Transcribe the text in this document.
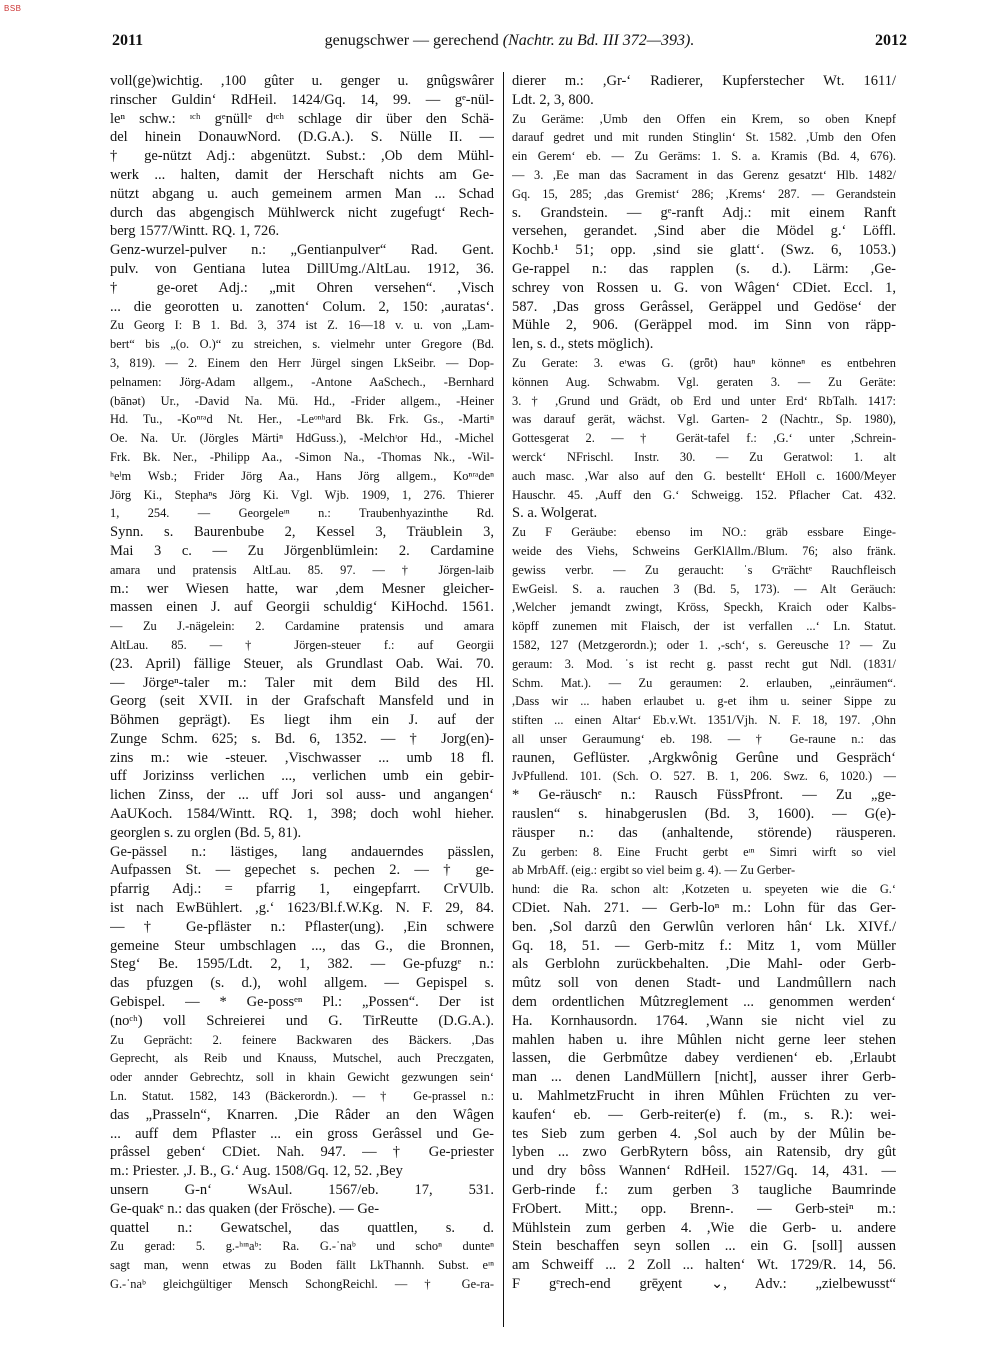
BSB
2011	genugschwer — gerechend (Nachtr. zu Bd. III 372—393).	2012
voll(ge)wichtig. ,100 gûter u. genger u. gnûgswârer
rinscher Guldin‘ RdHeil. 1424/Gq. 14, 99. — gᵉ-nül-
leⁿ schw.: ᶦᶜʰ gᵉnüllᵉ dᶦᶜʰ schlage dir über den Schä-
del hinein DonauwNord. (D.G.A.). S. Nülle II. —
† ge-nützt Adj.: abgenützt. Subst.: ,Ob dem Mühl-
werk ... halten, damit der Herschaft nichts am Ge-
nützt abgang u. auch gemeinem armen Man ... Schad
durch das abgengisch Mühlwerck nicht zugefugt‘ Rech-
berg 1577/Wintt. RQ. 1, 726.
Genz-wurzel-pulver n.: „Gentianpulver“ Rad. Gent.
pulv. von Gentiana lutea DillUmg./AltLau. 1912, 36.
† ge-oret Adj.: „mit Ohren versehen“. ,Visch
... die georotten u. zanotten‘ Colum. 2, 150: ,auratas‘.
Zu Georg I: B 1. Bd. 3, 374 ist Z. 16—18 v. u. von „Lam-
bert“ bis „(o. O.)“ zu streichen, s. vielmehr unter Gregore (Bd.
3, 819). — 2. Einem den Herr Jürgel singen LkSeibr. — Dop-
pelnamen: Jörg-Adam allgem., -Antone AaSchech., -Bernhard
(bānǝt) Ur., -David Na. Mü. Hd., -Frider allgem., -Heiner
Hd. Tu., -Koⁿʳᵃd Nt. Her., -Leᵒⁿʰard Bk. Frk. Gs., -Martiⁿ
Oe. Na. Ur. (Jörgles Märtiⁿ HdGuss.), -Melchᶦor Hd., -Michel
Frk. Bk. Ner., -Philipp Aa., -Simon Na., -Thomas Nk., -Wil-
ʰeˡm Wsb.; Frider Jörg Aa., Hans Jörg allgem., Koⁿʳᵃdeⁿ
Jörg Ki., Stephaⁿs Jörg Ki. Vgl. Wjb. 1909, 1, 276. Thierer
1, 254. — Georgeleᶦⁿ n.: Traubenhyazinthe Rd.
Synn. s. Baurenbube 2, Kessel 3, Träublein 3,
Mai 3 c. — Zu Jörgenblümlein: 2. Cardamine
amara und pratensis AltLau. 85. 97. — † Jörgen-laib
m.: wer Wiesen hatte, war ,dem Mesner gleicher-
massen einen J. auf Georgii schuldig‘ KiHochd. 1561.
— Zu J.-nägelein: 2. Cardamine pratensis und amara
AltLau. 85. — † Jörgen-steuer f.: auf Georgii
(23. April) fällige Steuer, als Grundlast Oab. Wai. 70.
— Jörgeⁿ-taler m.: Taler mit dem Bild des Hl.
Georg (seit XVII. in der Grafschaft Mansfeld und in
Böhmen geprägt). Es liegt ihm ein J. auf der
Zunge Schm. 625; s. Bd. 6, 1352. — † Jorg(en)-
zins m.: wie -steuer. ,Vischwasser ... umb 18 fl.
uff Jorizinss verlichen ..., verlichen umb ein gebir-
lichen Zinss, der ... uff Jori sol auss- und angangen‘
AaUKoch. 1584/Wintt. RQ. 1, 398; doch wohl hieher.
georglen s. zu orglen (Bd. 5, 81).
Ge-pässel n.: lästiges, lang andauerndes pässlen,
Aufpassen St. — gepechet s. pechen 2. — † ge-
pfarrig Adj.: = pfarrig 1, eingepfarrt. CrVUlb.
ist nach EwBühlert. ,g.‘ 1623/Bl.f.W.Kg. N. F. 29, 84.
— † Ge-pfläster n.: Pflaster(ung). ,Ein schwere
gemeine Steur umbschlagen ..., das G., die Bronnen,
Steg‘ Be. 1595/Ldt. 2, 1, 382. — Ge-pfuzgᵉ n.:
das pfuzgen (s. d.), wohl allgem. — Gepispel s.
Gebispel. — * Ge-possᵉⁿ Pl.: „Possen“. Der ist
(noᶜʰ) voll Schreierei und G. TirReutte (D.G.A.).
Zu Geprächt: 2. feinere Backwaren des Bäckers. ,Das
Geprecht, als Reib und Knauss, Mutschel, auch Preczgaten,
oder annder Gebrechtz, soll in khain Gewicht gezwungen sein‘
Ln. Statut. 1582, 143 (Bäckerordn.). — † Ge-prassel n.:
das „Prasseln“, Knarren. ,Die Râder an den Wâgen
... auff dem Pflaster ... ein gross Gerâssel und Ge-
prâssel geben‘ CDiet. Nah. 947. — † Ge-priester
m.: Priester. ,J. B., G.‘ Aug. 1508/Gq. 12, 52. ,Bey
unsern G-n‘ WsAul. 1567/eb. 17, 531.
Ge-quakᵉ n.: das quaken (der Frösche). — Ge-
quattel n.: Gewatschel, das quattlen, s. d.
Zu gerad: 5. g.-ʰᶦⁿaᵇ: Ra. G.-ˈnaᵇ und schoⁿ dunteⁿ
sagt man, wenn etwas zu Boden fällt LkThannh. Subst. eᶦⁿ
G.-ˈnaᵇ gleichgültiger Mensch SchongReichl. — † Ge-ra-
dierer m.: ,Gr-‘ Radierer, Kupferstecher Wt. 1611/
Ldt. 2, 3, 800.
Zu Geräme: ,Umb den Offen ein Krem, so oben Knepf
darauf gedret und mit runden Stinglin‘ St. 1582. ,Umb den Ofen
ein Gerem‘ eb. — Zu Geräms: 1. S. a. Kramis (Bd. 4, 676).
— 3. ,Ee man das Sacrament in das Gerenz gesatzt‘ Hlb. 1482/
Gq. 15, 285; ,das Gremist‘ 286; ,Krems‘ 287. — Gerandstein
s. Grandstein. — gᵉ-ranft Adj.: mit einem Ranft
versehen, gerandet. ,Sind aber die Mödel g.‘ Löffl.
Kochb.¹ 51; opp. ,sind sie glatt‘. (Swz. 6, 1053.)
Ge-rappel n.: das rapplen (s. d.). Lärm: ,Ge-
schrey von Rossen u. G. von Wâgen‘ CDiet. Eccl. 1,
587. ,Das gross Gerâssel, Geräppel und Gedöse‘ der
Mühle 2, 906. (Geräppel mod. im Sinn von räpp-
len, s. d., stets möglich).
Zu Gerate: 3. eᶦwas G. (grȫt) hauⁿ könneⁿ es entbehren
können Aug. Schwabm. Vgl. geraten 3. — Zu Geräte:
3. † ,Grund und Grädt, ob Erd und unter Erd‘ RbTalh. 1417:
was darauf gerät, wächst. Vgl. Garten- 2 (Nachtr., Sp. 1980),
Gottesgerat 2. — † Gerät-tafel f.: ,G.‘ unter ,Schrein-
werck‘ NFrischl. Instr. 30. — Zu Geratwol: 1. alt
auch masc. ,War also auf den G. bestellt‘ EHoll c. 1600/Meyer
Hauschr. 45. ,Auff den G.‘ Schweigg. 152. Pflacher Cat. 432.
S. a. Wolgerat.
Zu F Geräube: ebenso im NO.: gräb essbare Einge-
weide des Viehs, Schweins GerKlAllm./Blum. 76; also fränk.
gewiss verbr. — Zu geraucht: ˈs Gᵉrä̈chtᵉ Rauchfleisch
EwGeisl. S. a. rauchen 3 (Bd. 5, 173). — Alt Geräuch:
,Welcher jemandt zwingt, Kröss, Speckh, Kraich oder Kalbs-
köpff zunemen mit Flaisch, der ist verfallen ...‘ Ln. Statut.
1582, 127 (Metzgerordn.); oder 1. ,-sch‘, s. Gereusche 1? — Zu
geraum: 3. Mod. ˈs ist recht g. passt recht gut Ndl. (1831/
Schm. Mat.). — Zu geraumen: 2. erlauben, „einräumen“.
,Dass wir ... haben erlaubet u. g-et ihm u. seiner Sippe zu
stiften ... einen Altar‘ Eb.v.Wt. 1351/Vjh. N. F. 18, 197. ,Ohn
all unser Geraumung‘ eb. 198. — † Ge-raune n.: das
raunen, Geflüster. ,Argkwônig Gerûne und Gespräch‘
JvPfullend. 101. (Sch. O. 527. B. 1, 206. Swz. 6, 1020.) —
* Ge-räuschᵉ n.: Rausch FüssPfront. — Zu „ge-
rauslen“ s. hinabgeruslen (Bd. 3, 1600). — G(e)-
räusper n.: das (anhaltende, störende) räusperen.
Zu gerben: 8. Eine Frucht gerbt eᶦⁿ Simri wirft so viel
ab MrbAff. (eig.: ergibt so viel beim g. 4). — Zu Gerber-
hund: die Ra. schon alt: ,Kotzeten u. speyeten wie die G.‘
CDiet. Nah. 271. — Gerb-loⁿ m.: Lohn für das Ger-
ben. ,Sol darzû den Gerwlûn verloren hân‘ Lk. XIVf./
Gq. 18, 51. — Gerb-mitz f.: Mitz 1, vom Müller
als Gerblohn zurückbehalten. ,Die Mahl- oder Gerb-
mûtz soll von denen Stadt- und Landmûllern nach
dem ordentlichen Mûtzreglement ... genommen werden‘
Ha. Kornhausordn. 1764. ,Wann sie nicht viel zu
mahlen haben u. ihre Mûhlen nicht gerne leer stehen
lassen, die Gerbmûtze dabey verdienen‘ eb. ,Erlaubt
man ... denen LandMüllern [nicht], ausser ihrer Gerb-
u. MahlmetzFrucht in ihren Mûhlen Früchten zu ver-
kaufen‘ eb. — Gerb-reiter(e) f. (m., s. R.): wei-
tes Sieb zum gerben 4. ,Sol auch by der Mûlin be-
lyben ... zwo GerbRytern bôss, ain Ratensib, dry gût
und dry bôss Wannen‘ RdHeil. 1527/Gq. 14, 431. —
Gerb-rinde f.: zum gerben 3 taugliche Baumrinde
FrObert. Mitt.; opp. Brenn-. — Gerb-steiⁿ m.:
Mühlstein zum gerben 4. ,Wie die Gerb- u. andere
Stein beschaffen seyn sollen ... ein G. [soll] aussen
am Schweiff ... 2 Zoll ... halten‘ Wt. 1729/R. 14, 56.
F gᵉrech-end grē̜χent ⌄, Adv.: „zielbewusst“
